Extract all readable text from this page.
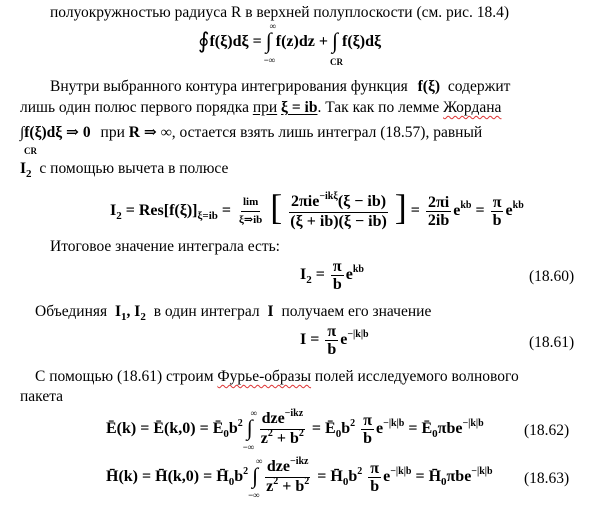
полуокружностью радиуса R в верхней полуплоскости (см. рис. 18.4)
∮f(ξ)dξ = ∫
∞
−∞
f(z)dz + ∫
CR
f(ξ)dξ
Внутри выбранного контура интегрирования функция f(ξ) содержит
лишь один полюс первого порядка при ξ = ib. Так как по лемме Жордана
∫f(ξ)dξ ⇒ 0 при R ⇒ ∞, остается взять лишь интеграл (18.57), равный
CR
$I_2$ с помощью вычета в полюсе
$I_2 = Res[f(\xi)]_{\xi=ib} = \frac{\lim}{\xi\Rightarrow ib}$ [ $\frac{2\pi ie^{-ik\xi}(\xi - ib)}{(\xi + ib)(\xi - ib)}$ ] = $\frac{2\pi i}{2ib} e^{kb} = \frac{\pi}{b} e^{kb}$
Итоговое значение интеграла есть:
$I_2 = \frac{\pi}{b} e^{kb}$	(18.60)
Объединяя $I_1$, $I_2$ в один интеграл I получаем его значение
$I = \frac{\pi}{b} e^{-|k|b}$	(18.61)
С помощью (18.61) строим Фурье-образы полей исследуемого волнового
пакета
Ē(k) = Ē(k,0) = $Ē_0b^2$ ∫
∞
−∞ $\frac{dze^{-ikz}}{z^2 + b^2}$ = $Ē_0b^2 \frac{\pi}{b} e^{-|k|b}$ = $Ē_0\pi be^{-|k|b}$	(18.62)
H̄(k) = H̄(k,0) = $H̄_0b^2$ ∫
∞
−∞ $\frac{dze^{-ikz}}{z^2 + b^2}$ = $H̄_0b^2 \frac{\pi}{b} e^{-|k|b}$ = $H̄_0\pi be^{-|k|b}$ (18.63)
